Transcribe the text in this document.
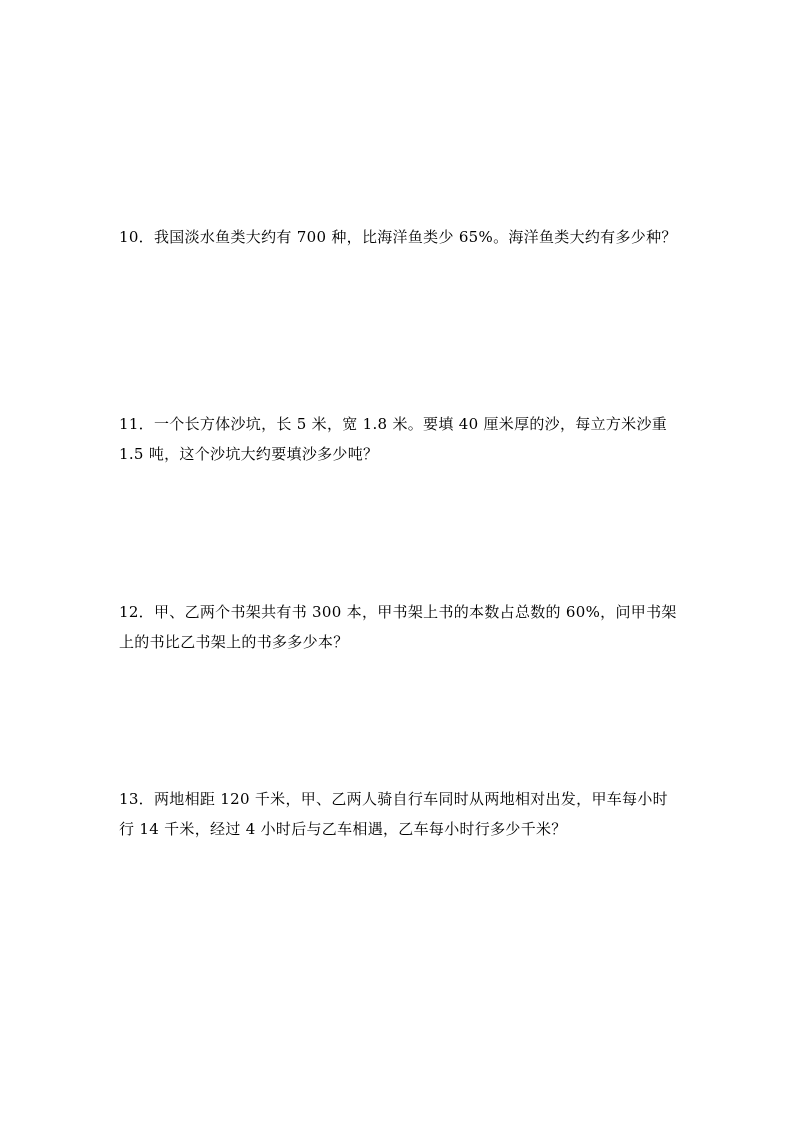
10．我国淡水鱼类大约有 700 种，比海洋鱼类少 65%。海洋鱼类大约有多少种？
11．一个长方体沙坑，长 5 米，宽 1.8 米。要填 40 厘米厚的沙，每立方米沙重
1.5 吨，这个沙坑大约要填沙多少吨？
12．甲、乙两个书架共有书 300 本，甲书架上书的本数占总数的 60%，问甲书架
上的书比乙书架上的书多多少本？
13．两地相距 120 千米，甲、乙两人骑自行车同时从两地相对出发，甲车每小时
行 14 千米，经过 4 小时后与乙车相遇，乙车每小时行多少千米？
